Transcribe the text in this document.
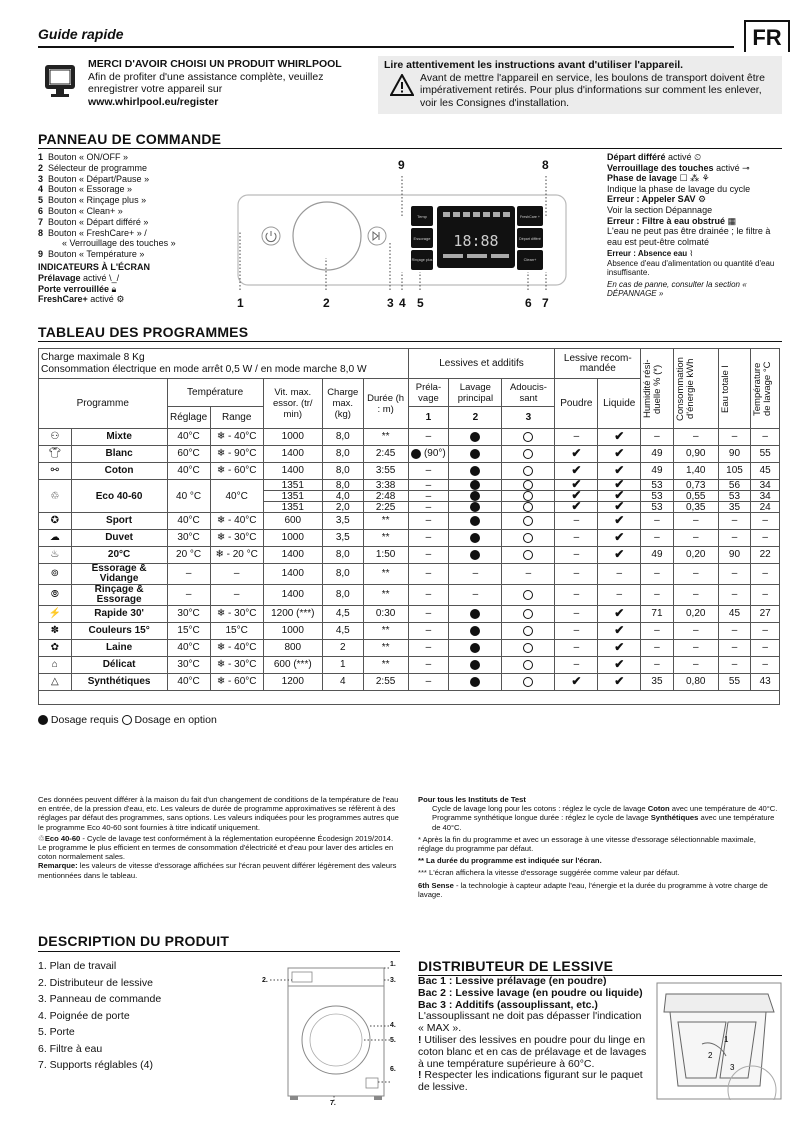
Guide rapide	FR
MERCI D'AVOIR CHOISI UN PRODUIT WHIRLPOOL
Afin de profiter d'une assistance complète, veuillez enregistrer votre appareil sur

www.whirlpool.eu/register
Lire attentivement les instructions avant d'utiliser l'appareil.
Avant de mettre l'appareil en service, les boulons de transport doivent être impérativement retirés. Pour plus d'informations sur comment les enlever, voir les Consignes d'installation.
PANNEAU DE COMMANDE
1 Bouton « ON/OFF »
2 Sélecteur de programme
3 Bouton « Départ/Pause »
4 Bouton « Essorage »
5 Bouton « Rinçage plus »
6 Bouton « Clean+ »
7 Bouton « Départ différé »
8 Bouton « FreshCare+ » /
« Verrouillage des touches »
9 Bouton « Température »
INDICATEURS À L'ÉCRAN
Prélavage activé \_/
Porte verrouillée 🔒︎
FreshCare+ activé ⚙
Temp
Essorage
Rinçage plus
FreshCare +
Départ différé
Clean+
18:88
9	8
1	2	3 4 5	6 7
Départ différé activé ⏲
Verrouillage des touches activé ⊸
Phase de lavage ☐ ⁂ ⚘
Indique la phase de lavage du cycle
Erreur : Appeler SAV ⚙
Voir la section Dépannage
Erreur : Filtre à eau obstrué ▦
L'eau ne peut pas être drainée ; le filtre à eau est peut-être colmaté
Erreur : Absence eau ⌇
Absence d'eau d'alimentation ou quantité d'eau insuffisante.
En cas de panne, consulter la section « DÉPANNAGE »
TABLEAU DES PROGRAMMES
Charge maximale 8 Kg
Consommation électrique en mode arrêt 0,5 W / en mode marche 8,0 W							Lessives et additifs			Lessive recom- mandée		Humidité rési- duelle % (*)	Consommation d'énergie kWh	Eau totale l	Température de lavage °C

Programme		Température		Vit. max. essor. (tr/ min)	Charge max. (kg)	Durée (h : m)	Préla- vage	Lavage principal	Adoucis- sant	Poudre	Liquide				
		Réglage	Range				1	2	3						
⚇	Mixte	40°C	❄ - 40°C	1000	8,0	**	–			–	✔	–	–	–	–
👕︎	Blanc	60°C	❄ - 90°C	1400	8,0	2:45	(90°)			✔	✔	49	0,90	90	55
⚯	Coton	40°C	❄ - 60°C	1400	8,0	3:55	–			✔	✔	49	1,40	105	45
♲	Eco 40-60	40 °C	40°C	1351	8,0	3:38	–			✔	✔	53	0,73	56	34
				1351	4,0	2:48	–			✔	✔	53	0,55	53	34
				1351	2,0	2:25	–			✔	✔	53	0,35	35	24
✪	Sport	40°C	❄ - 40°C	600	3,5	**	–			–	✔	–	–	–	–
☁	Duvet	30°C	❄ - 30°C	1000	3,5	**	–			–	✔	–	–	–	–
♨	20°C	20 °C	❄ - 20 °C	1400	8,0	1:50	–			–	✔	49	0,20	90	22
⊚	Essorage & Vidange	–	–	1400	8,0	**	–	–	–	–	–	–	–	–	–
⦾	Rinçage & Essorage	–	–	1400	8,0	**	–	–		–	–	–	–	–	–
⚡	Rapide 30'	30°C	❄ - 30°C	1200 (***)	4,5	0:30	–			–	✔	71	0,20	45	27
✽	Couleurs 15°	15°C	15°C	1000	4,5	**	–			–	✔	–	–	–	–
✿	Laine	40°C	❄ - 40°C	800	2	**	–			–	✔	–	–	–	–
⌂	Délicat	30°C	❄ - 30°C	600 (***)	1	**	–			–	✔	–	–	–	–
△	Synthétiques	40°C	❄ - 60°C	1200	4	2:55	–			✔	✔	35	0,80	55	43

Dosage requis Dosage en option

Ces données peuvent différer à la maison du fait d'un changement de conditions de la température de l'eau en entrée, de la pression d'eau, etc. Les valeurs de durée de programme approximatives se réfèrent à des réglages par défaut des programmes, sans options. Les valeurs indiquées pour les programmes autres que le programme Eco 40-60 sont fournies à titre indicatif uniquement.

♲Eco 40-60 - Cycle de lavage test conformément à la réglementation européenne Écodesign 2019/2014. Le programme le plus efficient en termes de consommation d'électricité et d'eau pour laver des articles en coton normalement sales.

Remarque: les valeurs de vitesse d'essorage affichées sur l'écran peuvent différer légèrement des valeurs mentionnées dans le tableau.

Pour tous les Instituts de Test

Cycle de lavage long pour les cotons : réglez le cycle de lavage Coton avec une température de 40°C.

Programme synthétique longue durée : réglez le cycle de lavage Synthétiques avec une température de 40°C.

* Après la fin du programme et avec un essorage à une vitesse d'essorage sélectionnable maximale, réglage du programme par défaut.

** La durée du programme est indiquée sur l'écran.

*** L'écran affichera la vitesse d'essorage suggérée comme valeur par défaut.

6th Sense - la technologie à capteur adapte l'eau, l'énergie et la durée du programme à votre charge de lavage.

DESCRIPTION DU PRODUIT
1. Plan de travail
2. Distributeur de lessive
3. Panneau de commande
4. Poignée de porte
5. Porte
6. Filtre à eau
7. Supports réglables (4)
1.
3.
2.
4.
5.
6.
7.
DISTRIBUTEUR DE LESSIVE
Bac 1 : Lessive prélavage (en poudre)
Bac 2 : Lessive lavage (en poudre ou liquide)
Bac 3 : Additifs (assouplissant, etc.)
L'assouplissant ne doit pas dépasser l'indication « MAX ».
! Utiliser des lessives en poudre pour du linge en coton blanc et en cas de prélavage et de lavages à une température supérieure à 60°C.
! Respecter les indications figurant sur le paquet de lessive.
1
2
3
